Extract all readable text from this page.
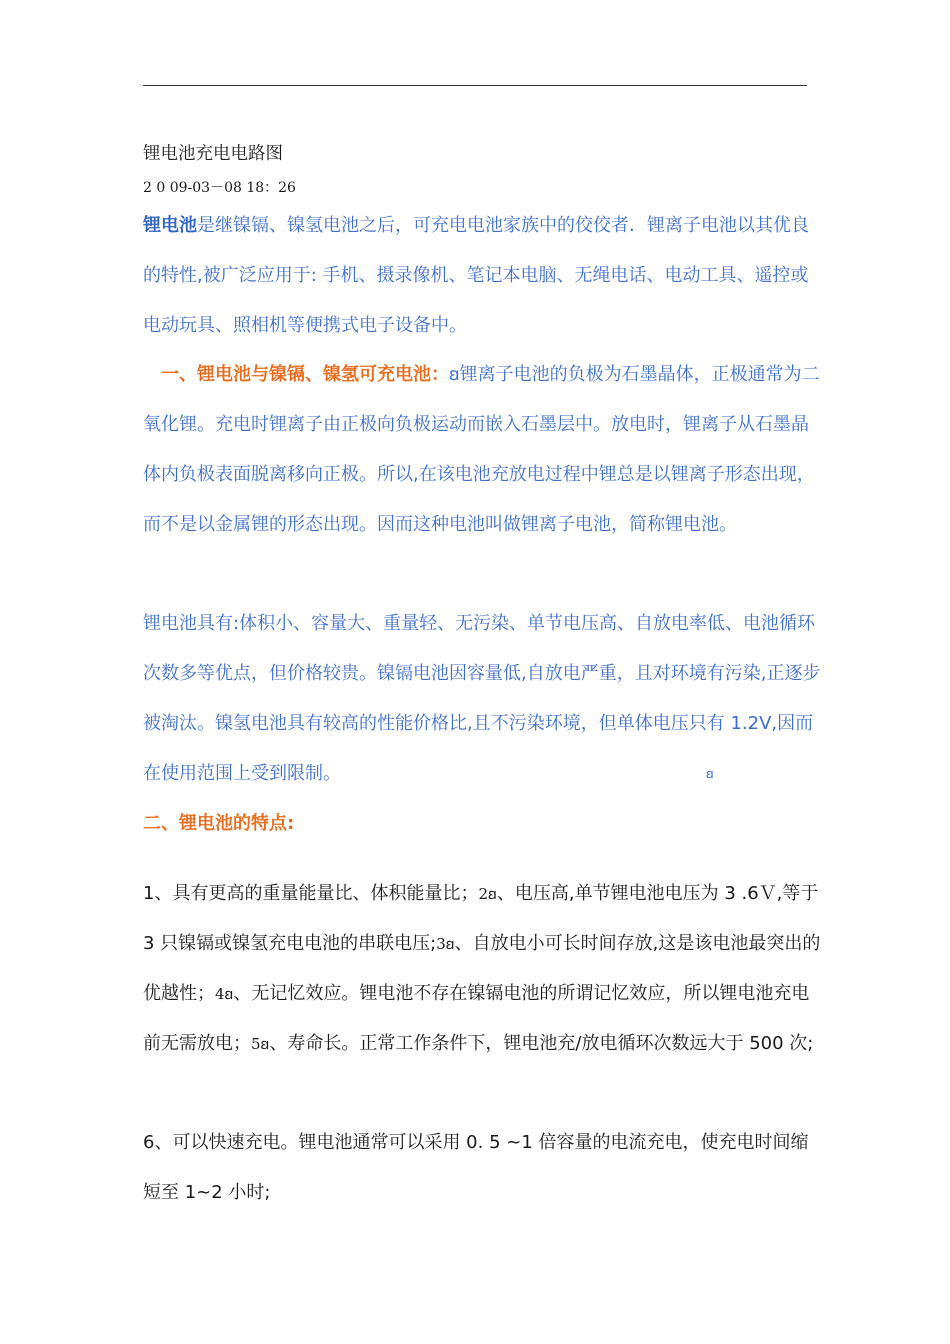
锂电池充电电路图
2 0 09-03－08 18：26

锂电池是继镍镉、镍氢电池之后，可充电电池家族中的佼佼者．锂离子电池以其优良的特性,被广泛应用于: 手机、摄录像机、笔记本电脑、无绳电话、电动工具、遥控或电动玩具、照相机等便携式电子设备中。

一、锂电池与镍镉、镍氢可充电池：ꞛ锂离子电池的负极为石墨晶体，正极通常为二氧化锂。充电时锂离子由正极向负极运动而嵌入石墨层中。放电时，锂离子从石墨晶体内负极表面脱离移向正极。所以,在该电池充放电过程中锂总是以锂离子形态出现，而不是以金属锂的形态出现。因而这种电池叫做锂离子电池，简称锂电池。

锂电池具有:体积小、容量大、重量轻、无污染、单节电压高、自放电率低、电池循环次数多等优点，但价格较贵。镍镉电池因容量低,自放电严重，且对环境有污染,正逐步被淘汰。镍氢电池具有较高的性能价格比,且不污染环境，但单体电压只有 1.2V,因而在使用范围上受到限制。	ꞛ
二、锂电池的特点:

1、具有更高的重量能量比、体积能量比；2ꞛ、电压高,单节锂电池电压为 3 .6Ｖ,等于 3 只镍镉或镍氢充电电池的串联电压;3ꞛ、自放电小可长时间存放,这是该电池最突出的优越性；4ꞛ、无记忆效应。锂电池不存在镍镉电池的所谓记忆效应，所以锂电池充电前无需放电；5ꞛ、寿命长。正常工作条件下，锂电池充/放电循环次数远大于 500 次;

6、可以快速充电。锂电池通常可以采用 0. 5 ~1 倍容量的电流充电，使充电时间缩短至 1~2 小时;
